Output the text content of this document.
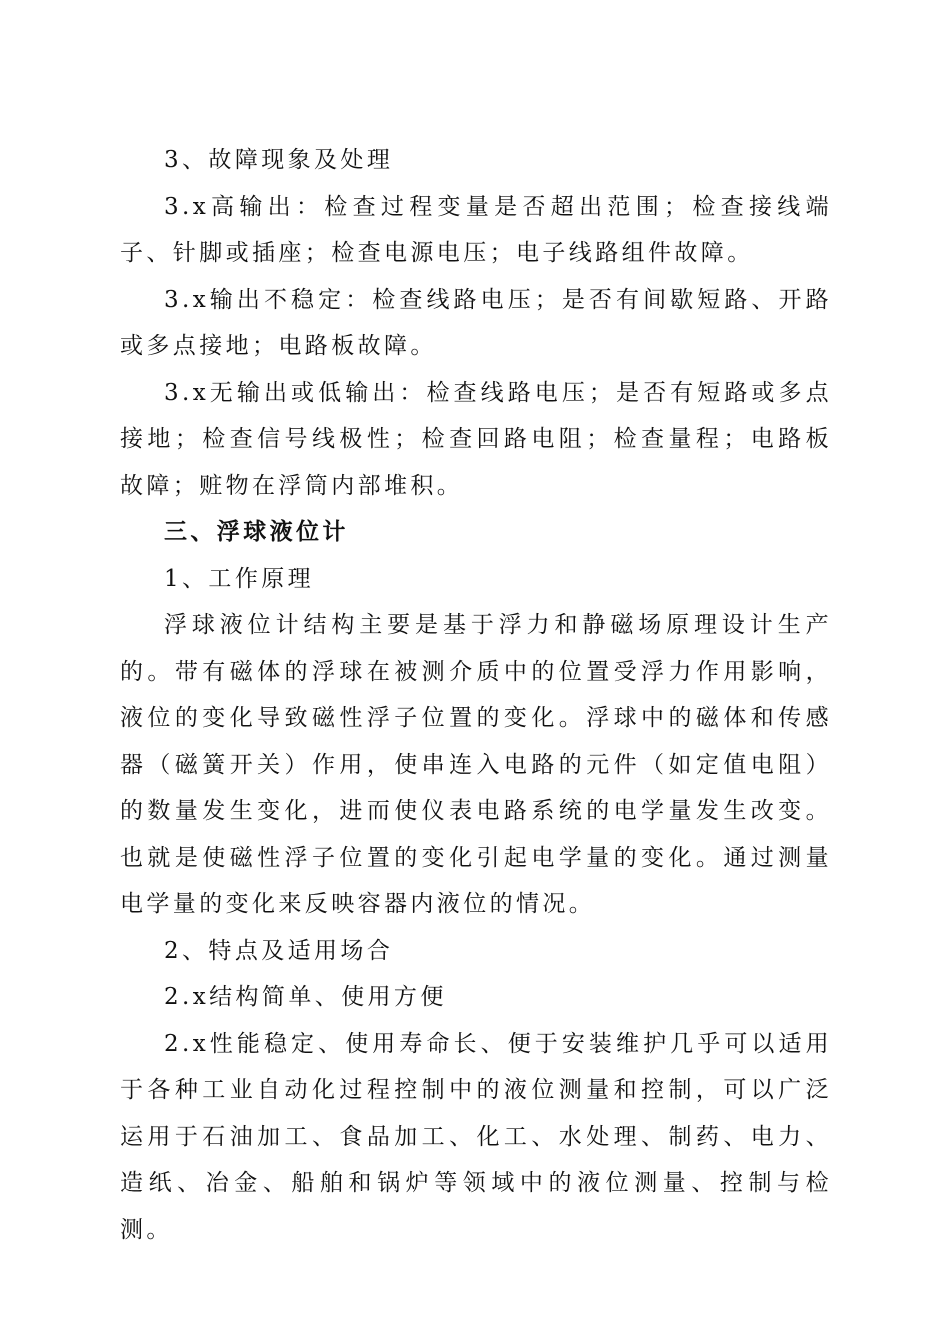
3、故障现象及处理

3.x高输出：检查过程变量是否超出范围；检查接线端子、针脚或插座；检查电源电压；电子线路组件故障。

3.x输出不稳定：检查线路电压；是否有间歇短路、开路或多点接地；电路板故障。

3.x无输出或低输出：检查线路电压；是否有短路或多点接地；检查信号线极性；检查回路电阻；检查量程；电路板故障；赃物在浮筒内部堆积。

三、浮球液位计

1、工作原理

浮球液位计结构主要是基于浮力和静磁场原理设计生产的。带有磁体的浮球在被测介质中的位置受浮力作用影响，液位的变化导致磁性浮子位置的变化。浮球中的磁体和传感器（磁簧开关）作用，使串连入电路的元件（如定值电阻）的数量发生变化，进而使仪表电路系统的电学量发生改变。也就是使磁性浮子位置的变化引起电学量的变化。通过测量电学量的变化来反映容器内液位的情况。

2、特点及适用场合

2.x结构简单、使用方便

2.x性能稳定、使用寿命长、便于安装维护几乎可以适用于各种工业自动化过程控制中的液位测量和控制，可以广泛运用于石油加工、食品加工、化工、水处理、制药、电力、造纸、冶金、船舶和锅炉等领域中的液位测量、控制与检测。
